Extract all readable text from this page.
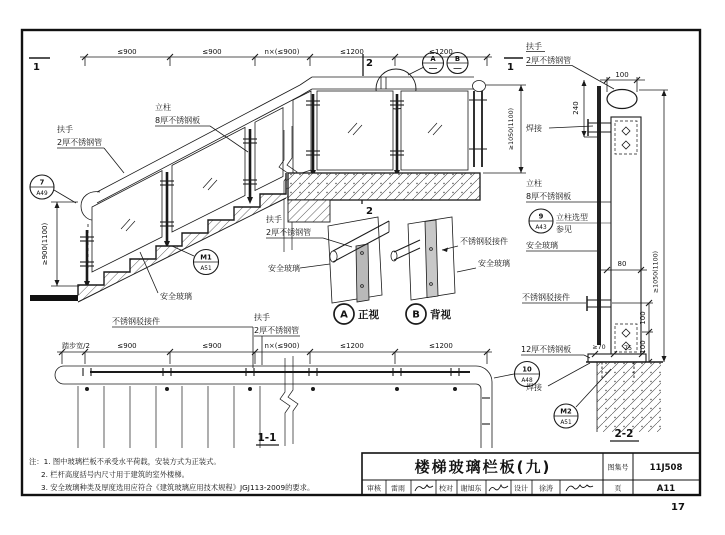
1	1
2
2
≤900	≤900	n×(≤900)	≤1200	≤1200
A	B
立柱
8厚不锈钢板
扶手
2厚不锈钢管
7
A49
≥900(1100)
≥1050(1100)
M1
A51
安全玻璃
不锈钢驳接件
扶手
2厚不锈钢管
安全玻璃
A 正视	B 背视
不锈钢驳接件
安全玻璃
踏步宽/2	≤900	≤900	n×(≤900)	≤1200	≤1200
扶手
2厚不锈钢管
10
A48
1-1
扶手
2厚不锈钢管
100
240
焊接
立柱
8厚不锈钢板
9
A43
立柱选型
参见
安全玻璃
80
不锈钢驳接件
100
100
12厚不锈钢板	≥70	75
焊接
M2
A51
2-2
≥1050(1100)
注：1. 图中玻璃栏板不承受水平荷载，安装方式为正装式。
2. 栏杆高度括号内尺寸用于建筑的室外楼梯。
3. 安全玻璃种类及厚度选用应符合《建筑玻璃应用技术规程》JGJ113-2009的要求。
楼梯玻璃栏板(九)	图集号 11J508
审核 雷雨	校对 谢旭东	设计 徐涛	页	A11
17
